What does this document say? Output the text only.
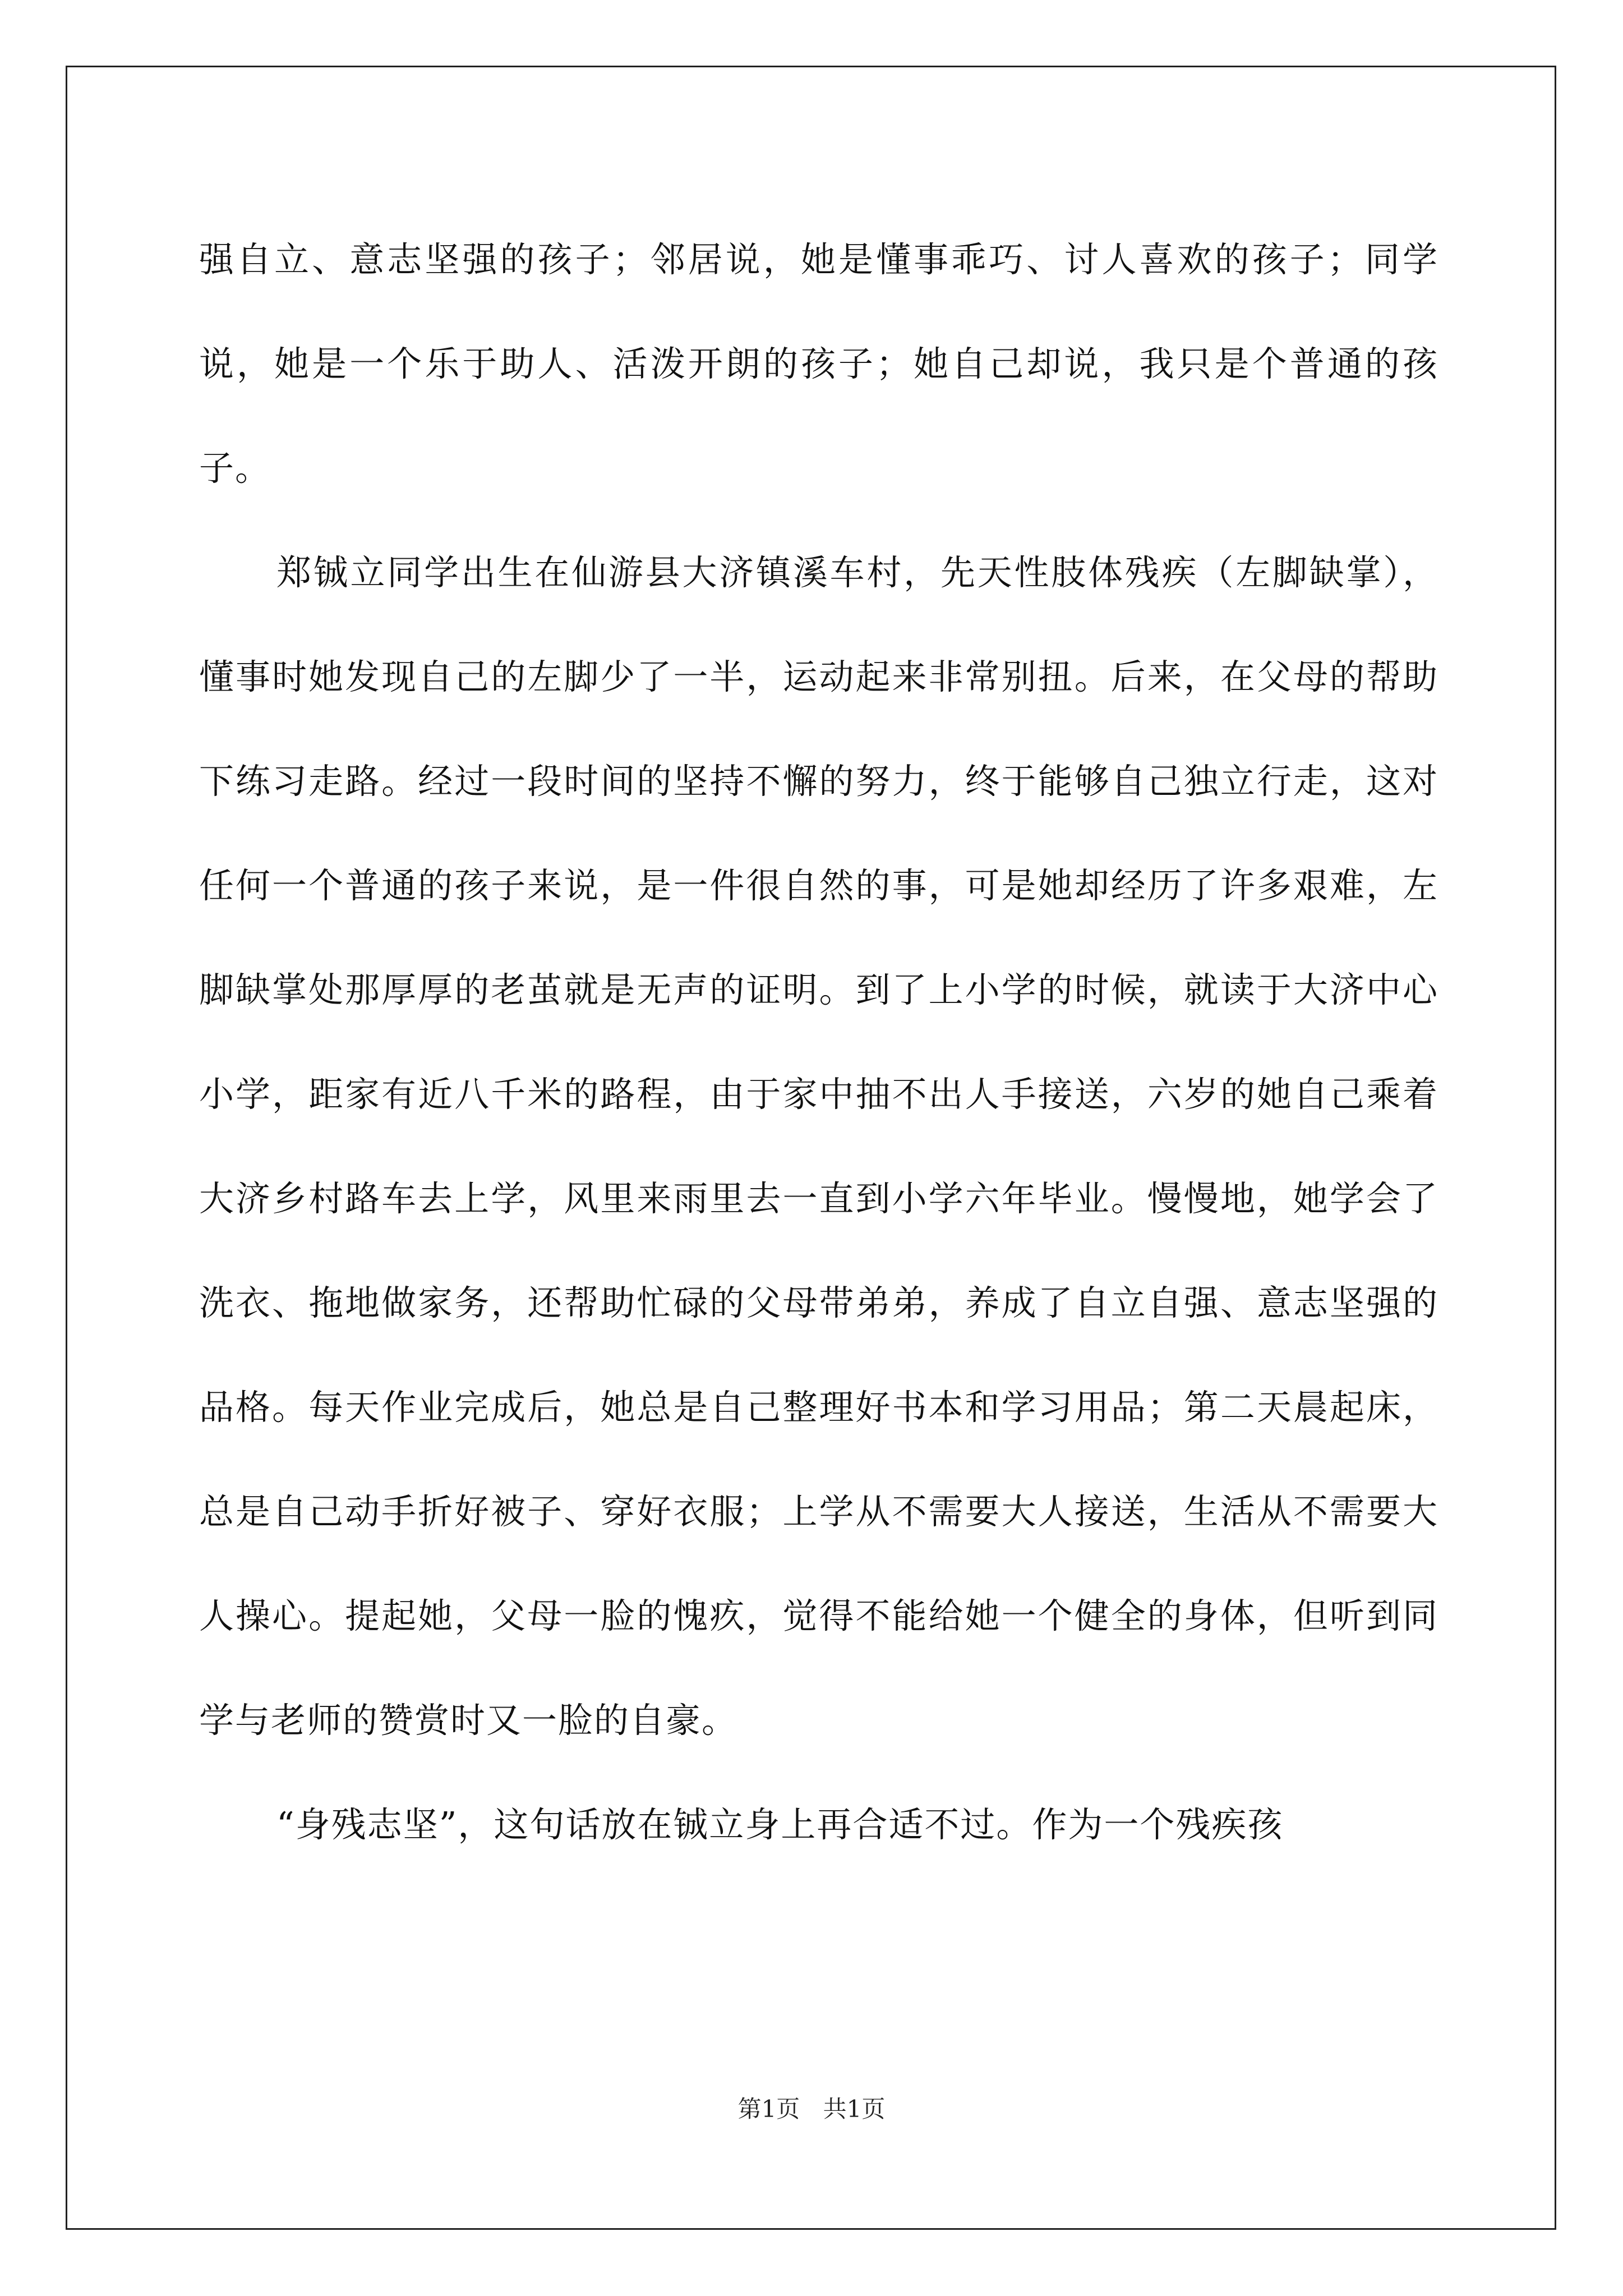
强自立、意志坚强的孩子；邻居说，她是懂事乖巧、讨人喜欢的孩子；同学说，她是一个乐于助人、活泼开朗的孩子；她自己却说，我只是个普通的孩子。

郑铖立同学出生在仙游县大济镇溪车村，先天性肢体残疾（左脚缺掌），懂事时她发现自己的左脚少了一半，运动起来非常别扭。后来，在父母的帮助下练习走路。经过一段时间的坚持不懈的努力，终于能够自己独立行走，这对任何一个普通的孩子来说，是一件很自然的事，可是她却经历了许多艰难，左脚缺掌处那厚厚的老茧就是无声的证明。到了上小学的时候，就读于大济中心小学，距家有近八千米的路程，由于家中抽不出人手接送，六岁的她自己乘着大济乡村路车去上学，风里来雨里去一直到小学六年毕业。慢慢地，她学会了洗衣、拖地做家务，还帮助忙碌的父母带弟弟，养成了自立自强、意志坚强的品格。每天作业完成后，她总是自己整理好书本和学习用品；第二天晨起床，总是自己动手折好被子、穿好衣服；上学从不需要大人接送，生活从不需要大人操心。提起她，父母一脸的愧疚，觉得不能给她一个健全的身体，但听到同学与老师的赞赏时又一脸的自豪。

“身残志坚”，这句话放在铖立身上再合适不过。作为一个残疾孩

第1页 共1页
